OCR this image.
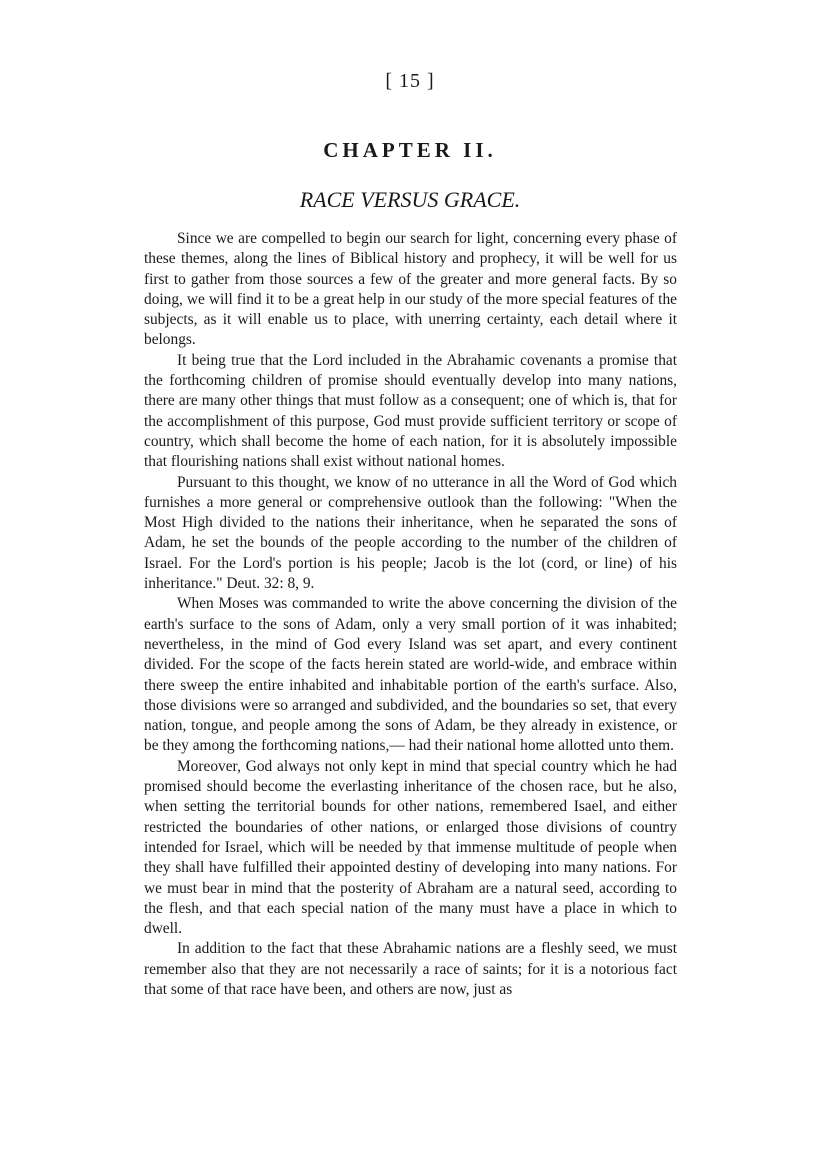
[ 15 ]
CHAPTER II.
RACE VERSUS GRACE.

Since we are compelled to begin our search for light, concerning every phase of these themes, along the lines of Biblical history and prophecy, it will be well for us first to gather from those sources a few of the greater and more general facts. By so doing, we will find it to be a great help in our study of the more special features of the subjects, as it will enable us to place, with unerring certainty, each detail where it belongs.

It being true that the Lord included in the Abrahamic covenants a promise that the forthcoming children of promise should eventually develop into many nations, there are many other things that must follow as a consequent; one of which is, that for the accomplishment of this purpose, God must provide sufficient territory or scope of country, which shall become the home of each nation, for it is absolutely impossible that flourishing nations shall exist without national homes.

Pursuant to this thought, we know of no utterance in all the Word of God which furnishes a more general or comprehensive outlook than the following: "When the Most High divided to the nations their inheritance, when he separated the sons of Adam, he set the bounds of the people according to the number of the children of Israel. For the Lord's portion is his people; Jacob is the lot (cord, or line) of his inheritance." Deut. 32: 8, 9.

When Moses was commanded to write the above concerning the division of the earth's surface to the sons of Adam, only a very small portion of it was inhabited; nevertheless, in the mind of God every Island was set apart, and every continent divided. For the scope of the facts herein stated are world-wide, and embrace within there sweep the entire inhabited and inhabitable portion of the earth's surface. Also, those divisions were so arranged and subdivided, and the boundaries so set, that every nation, tongue, and people among the sons of Adam, be they already in existence, or be they among the forthcoming nations,— had their national home allotted unto them.

Moreover, God always not only kept in mind that special country which he had promised should become the everlasting inheritance of the chosen race, but he also, when setting the territorial bounds for other nations, remembered Isael, and either restricted the boundaries of other nations, or enlarged those divisions of country intended for Israel, which will be needed by that immense multitude of people when they shall have fulfilled their appointed destiny of developing into many nations. For we must bear in mind that the posterity of Abraham are a natural seed, according to the flesh, and that each special nation of the many must have a place in which to dwell.

In addition to the fact that these Abrahamic nations are a fleshly seed, we must remember also that they are not necessarily a race of saints; for it is a notorious fact that some of that race have been, and others are now, just as
